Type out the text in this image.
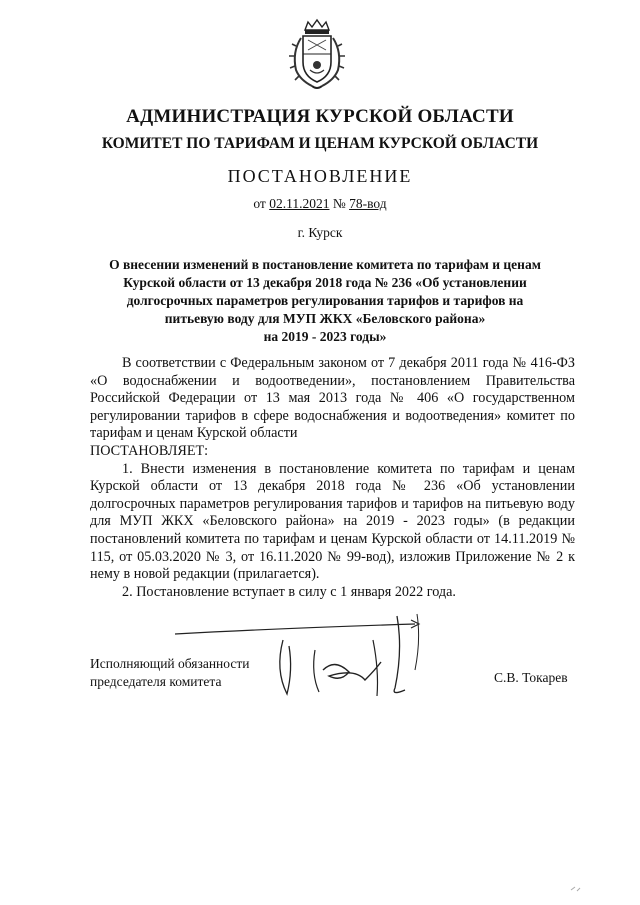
АДМИНИСТРАЦИЯ КУРСКОЙ ОБЛАСТИ
КОМИТЕТ ПО ТАРИФАМ И ЦЕНАМ КУРСКОЙ ОБЛАСТИ
ПОСТАНОВЛЕНИЕ
от 02.11.2021 № 78-вод
г. Курск
О внесении изменений в постановление комитета по тарифам и ценам
Курской области от 13 декабря 2018 года № 236 «Об установлении
долгосрочных параметров регулирования тарифов и тарифов на
питьевую воду для МУП ЖКХ «Беловского района»
на 2019 - 2023 годы»

В соответствии с Федеральным законом от 7 декабря 2011 года № 416-ФЗ «О водоснабжении и водоотведении», постановлением Правительства Российской Федерации от 13 мая 2013 года № 406 «О государственном регулировании тарифов в сфере водоснабжения и водоотведения» комитет по тарифам и ценам Курской области

ПОСТАНОВЛЯЕТ:

1. Внести изменения в постановление комитета по тарифам и ценам Курской области от 13 декабря 2018 года № 236 «Об установлении долгосрочных параметров регулирования тарифов и тарифов на питьевую воду для МУП ЖКХ «Беловского района» на 2019 - 2023 годы» (в редакции постановлений комитета по тарифам и ценам Курской области от 14.11.2019 № 115, от 05.03.2020 № 3, от 16.11.2020 № 99-вод), изложив Приложение № 2 к нему в новой редакции (прилагается).

2. Постановление вступает в силу с 1 января 2022 года.

Исполняющий обязанности
председателя комитета	С.В. Токарев
